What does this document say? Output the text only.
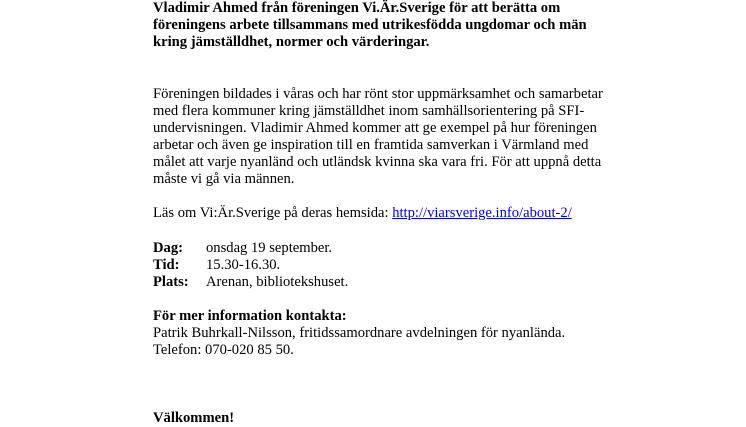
Vladimir Ahmed från föreningen Vi.Är.Sverige för att berätta om föreningens arbete tillsammans med utrikesfödda ungdomar och män kring jämställdhet, normer och värderingar.

Föreningen bildades i våras och har rönt stor uppmärksamhet och samarbetar
med flera kommuner kring jämställdhet inom samhällsorientering på SFI-
undervisningen. Vladimir Ahmed kommer att ge exempel på hur föreningen
arbetar och även ge inspiration till en framtida samverkan i Värmland med
målet att varje nyanländ och utländsk kvinna ska vara fri. För att uppnå detta
måste vi gå via männen.

Läs om Vi:Är.Sverige på deras hemsida: http://viarsverige.info/about-2/

Dag:	onsdag 19 september.
Tid:	15.30-16.30.
Plats:	Arenan, bibliotekshuset.
För mer information kontakta:
Patrik Buhrkall-Nilsson, fritidssamordnare avdelningen för nyanlända.
Telefon: 070-020 85 50.

Välkommen!
